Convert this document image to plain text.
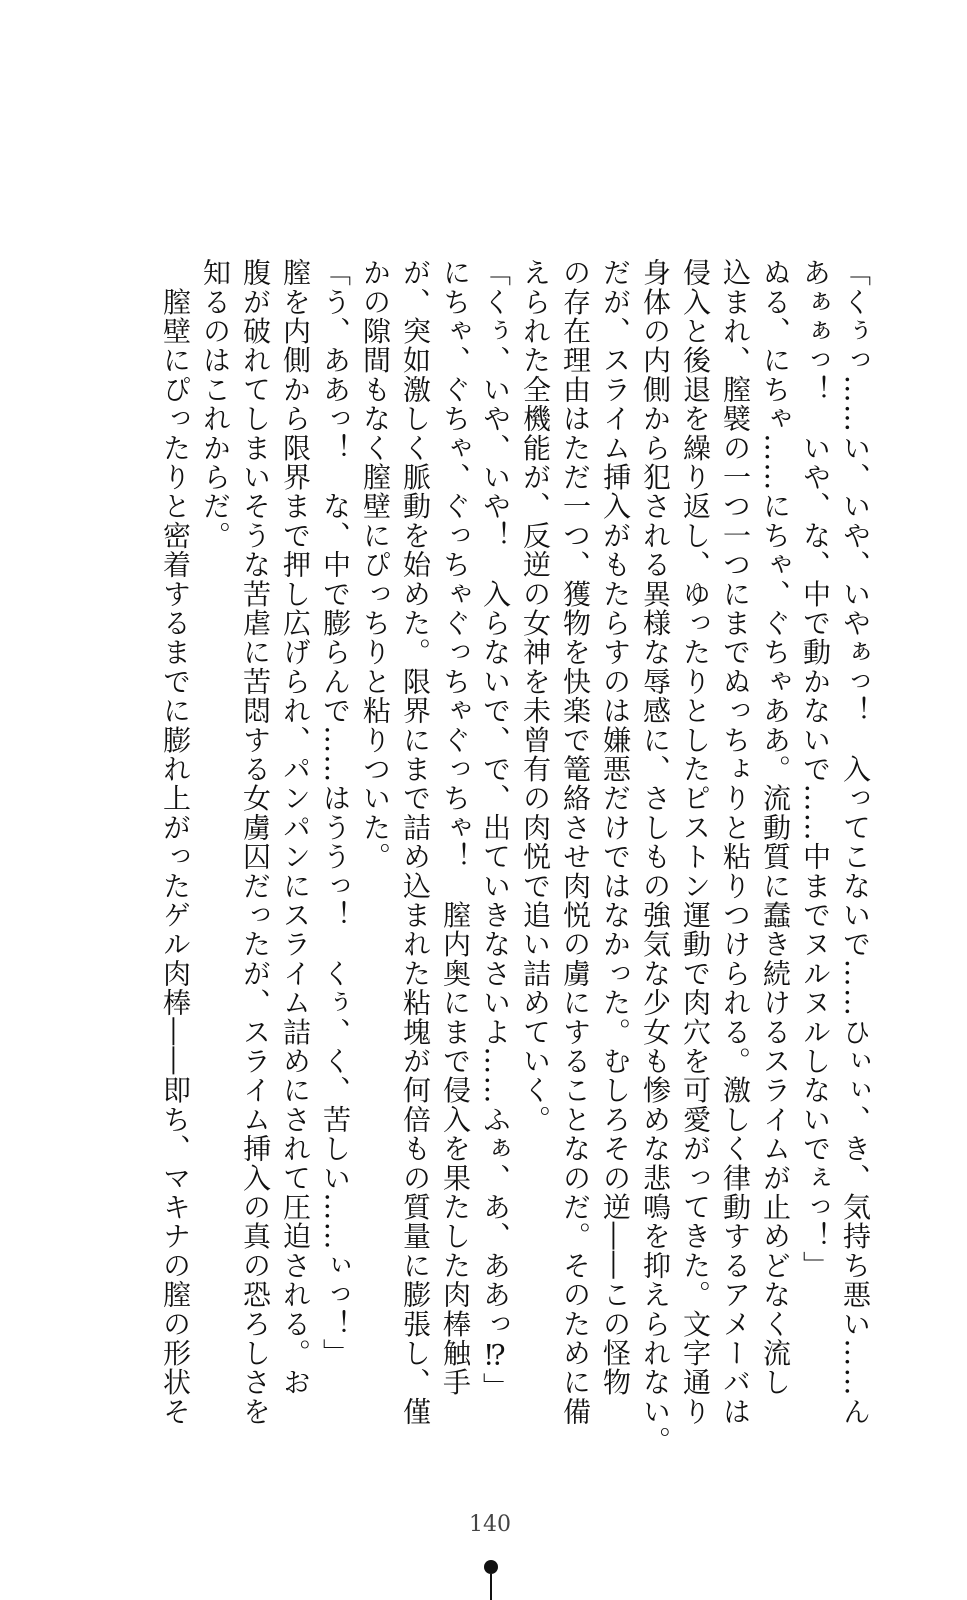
「くぅっ……い、いや、いやぁっ！　入ってこないで……ひぃぃ、き、気持ち悪い……ん

あぁぁっ！　いや、な、中で動かないで……中までヌルヌルしないでぇっ！」

ぬる、にちゃ……にちゃ、ぐちゃああ。流動質に蠢き続けるスライムが止めどなく流し

込まれ、膣襞の一つ一つにまでぬっちょりと粘りつけられる。激しく律動するアメーバは

侵入と後退を繰り返し、ゆったりとしたピストン運動で肉穴を可愛がってきた。文字通り

身体の内側から犯される異様な辱感に、さしもの強気な少女も惨めな悲鳴を抑えられない。

だが、スライム挿入がもたらすのは嫌悪だけではなかった。むしろその逆――この怪物

の存在理由はただ一つ、獲物を快楽で篭絡させ肉悦の虜にすることなのだ。そのために備

えられた全機能が、反逆の女神を未曾有の肉悦で追い詰めていく。

「くぅ、いや、いや！　入らないで、で、出ていきなさいよ……ふぁ、あ、ああっ⁉」

にちゃ、ぐちゃ、ぐっちゃぐっちゃぐっちゃ！　膣内奥にまで侵入を果たした肉棒触手

が、突如激しく脈動を始めた。限界にまで詰め込まれた粘塊が何倍もの質量に膨張し、僅

かの隙間もなく膣壁にぴっちりと粘りついた。

「う、ああっ！　な、中で膨らんで……はううっ！　くぅ、く、苦しい……ぃっ！」

膣を内側から限界まで押し広げられ、パンパンにスライム詰めにされて圧迫される。お

腹が破れてしまいそうな苦虐に苦悶する女虜囚だったが、スライム挿入の真の恐ろしさを

知るのはこれからだ。

　膣壁にぴったりと密着するまでに膨れ上がったゲル肉棒――即ち、マキナの膣の形状そ

140
